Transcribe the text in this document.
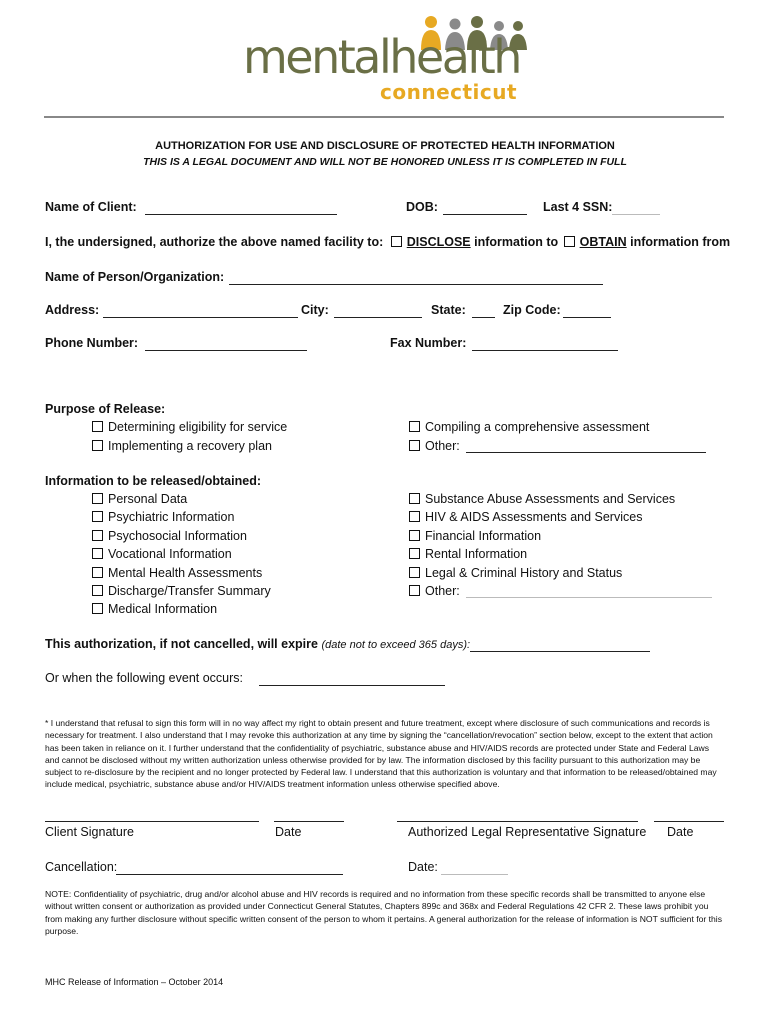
mentalhealth
connecticut
AUTHORIZATION FOR USE AND DISCLOSURE OF PROTECTED HEALTH INFORMATION
THIS IS A LEGAL DOCUMENT AND WILL NOT BE HONORED UNLESS IT IS COMPLETED IN FULL
Name of Client:	DOB:	Last 4 SSN:
I, the undersigned, authorize the above named facility to: DISCLOSE information to OBTAIN information from
Name of Person/Organization:
Address:	City:	State:	Zip Code:
Phone Number:	Fax Number:
Purpose of Release:
Determining eligibility for service
Implementing a recovery plan
Compiling a comprehensive assessment
Other:
Information to be released/obtained:
Personal Data
Psychiatric Information
Psychosocial Information
Vocational Information
Mental Health Assessments
Discharge/Transfer Summary
Medical Information
Substance Abuse Assessments and Services
HIV & AIDS Assessments and Services
Financial Information
Rental Information
Legal & Criminal History and Status
Other:
This authorization, if not cancelled, will expire (date not to exceed 365 days):
Or when the following event occurs:
* I understand that refusal to sign this form will in no way affect my right to obtain present and future treatment, except where disclosure of such communications and records is necessary for treatment. I also understand that I may revoke this authorization at any time by signing the “cancellation/revocation” section below, except to the extent that action has been taken in reliance on it. I further understand that the confidentiality of psychiatric, substance abuse and HIV/AIDS records are protected under State and Federal Laws and cannot be disclosed without my written authorization unless otherwise provided for by law. The information disclosed by this facility pursuant to this authorization may be subject to re-disclosure by the recipient and no longer protected by Federal law. I understand that this authorization is voluntary and that information to be released/obtained may include medical, psychiatric, substance abuse and/or HIV/AIDS treatment information unless otherwise specified above.
Client Signature	Date	Authorized Legal Representative Signature Date
Cancellation:	Date:
NOTE: Confidentiality of psychiatric, drug and/or alcohol abuse and HIV records is required and no information from these specific records shall be transmitted to anyone else without written consent or authorization as provided under Connecticut General Statutes, Chapters 899c and 368x and Federal Regulations 42 CFR 2. These laws prohibit you from making any further disclosure without specific written consent of the person to whom it pertains. A general authorization for the release of information is NOT sufficient for this purpose.
MHC Release of Information – October 2014
